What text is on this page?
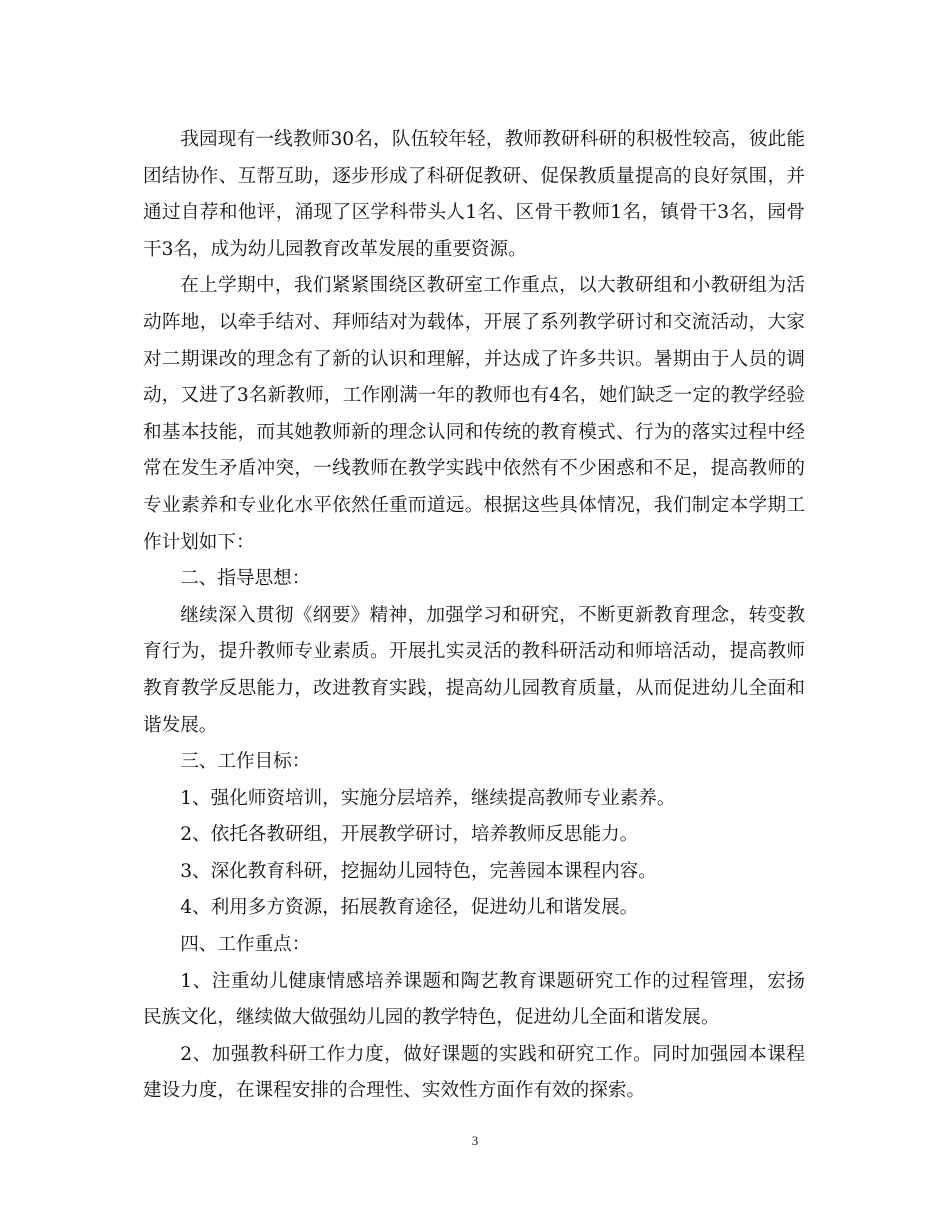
我园现有一线教师30名，队伍较年轻，教师教研科研的积极性较高，彼此能团结协作、互帮互助，逐步形成了科研促教研、促保教质量提高的良好氛围，并通过自荐和他评，涌现了区学科带头人1名、区骨干教师1名，镇骨干3名，园骨干3名，成为幼儿园教育改革发展的重要资源。

在上学期中，我们紧紧围绕区教研室工作重点，以大教研组和小教研组为活动阵地，以牵手结对、拜师结对为载体，开展了系列教学研讨和交流活动，大家对二期课改的理念有了新的认识和理解，并达成了许多共识。暑期由于人员的调动，又进了3名新教师，工作刚满一年的教师也有4名，她们缺乏一定的教学经验和基本技能，而其她教师新的理念认同和传统的教育模式、行为的落实过程中经常在发生矛盾冲突，一线教师在教学实践中依然有不少困惑和不足，提高教师的专业素养和专业化水平依然任重而道远。根据这些具体情况，我们制定本学期工作计划如下：

二、指导思想：

继续深入贯彻《纲要》精神，加强学习和研究，不断更新教育理念，转变教育行为，提升教师专业素质。开展扎实灵活的教科研活动和师培活动，提高教师教育教学反思能力，改进教育实践，提高幼儿园教育质量，从而促进幼儿全面和谐发展。

三、工作目标：

1、强化师资培训，实施分层培养，继续提高教师专业素养。

2、依托各教研组，开展教学研讨，培养教师反思能力。

3、深化教育科研，挖掘幼儿园特色，完善园本课程内容。

4、利用多方资源，拓展教育途径，促进幼儿和谐发展。

四、工作重点：

1、注重幼儿健康情感培养课题和陶艺教育课题研究工作的过程管理，宏扬民族文化，继续做大做强幼儿园的教学特色，促进幼儿全面和谐发展。

2、加强教科研工作力度，做好课题的实践和研究工作。同时加强园本课程建设力度，在课程安排的合理性、实效性方面作有效的探索。

3
